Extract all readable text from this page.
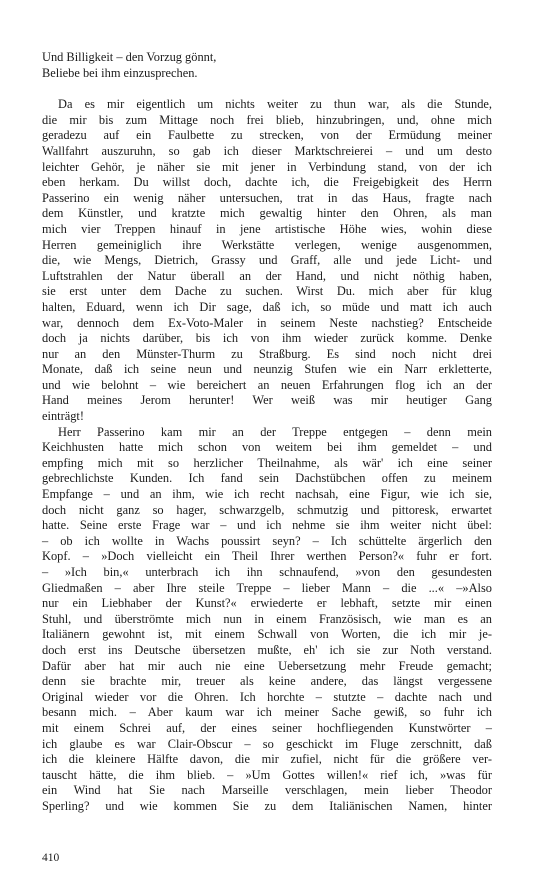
Und Billigkeit – den Vorzug gönnt,
Beliebe bei ihm einzusprechen.
Da es mir eigentlich um nichts weiter zu thun war, als die Stunde,
die mir bis zum Mittage noch frei blieb, hinzubringen, und, ohne mich
geradezu auf ein Faulbette zu strecken, von der Ermüdung meiner
Wallfahrt auszuruhn, so gab ich dieser Marktschreierei – und um desto
leichter Gehör, je näher sie mit jener in Verbindung stand, von der ich
eben herkam. Du willst doch, dachte ich, die Freigebigkeit des Herrn
Passerino ein wenig näher untersuchen, trat in das Haus, fragte nach
dem Künstler, und kratzte mich gewaltig hinter den Ohren, als man
mich vier Treppen hinauf in jene artistische Höhe wies, wohin diese
Herren gemeiniglich ihre Werkstätte verlegen, wenige ausgenommen,
die, wie Mengs, Dietrich, Grassy und Graff, alle und jede Licht- und
Luftstrahlen der Natur überall an der Hand, und nicht nöthig haben,
sie erst unter dem Dache zu suchen. Wirst Du. mich aber für klug
halten, Eduard, wenn ich Dir sage, daß ich, so müde und matt ich auch
war, dennoch dem Ex-Voto-Maler in seinem Neste nachstieg? Entscheide
doch ja nichts darüber, bis ich von ihm wieder zurück komme. Denke
nur an den Münster-Thurm zu Straßburg. Es sind noch nicht drei
Monate, daß ich seine neun und neunzig Stufen wie ein Narr erkletterte,
und wie belohnt – wie bereichert an neuen Erfahrungen flog ich an der
Hand meines Jerom herunter! Wer weiß was mir heutiger Gang
einträgt!
Herr Passerino kam mir an der Treppe entgegen – denn mein
Keichhusten hatte mich schon von weitem bei ihm gemeldet – und
empfing mich mit so herzlicher Theilnahme, als wär' ich eine seiner
gebrechlichste Kunden. Ich fand sein Dachstübchen offen zu meinem
Empfange – und an ihm, wie ich recht nachsah, eine Figur, wie ich sie,
doch nicht ganz so hager, schwarzgelb, schmutzig und pittoresk, erwartet
hatte. Seine erste Frage war – und ich nehme sie ihm weiter nicht übel:
– ob ich wollte in Wachs poussirt seyn? – Ich schüttelte ärgerlich den
Kopf. – »Doch vielleicht ein Theil Ihrer werthen Person?« fuhr er fort.
– »Ich bin,« unterbrach ich ihn schnaufend, »von den gesundesten
Gliedmaßen – aber Ihre steile Treppe – lieber Mann – die ...« –»Also
nur ein Liebhaber der Kunst?« erwiederte er lebhaft, setzte mir einen
Stuhl, und überströmte mich nun in einem Französisch, wie man es an
Italiänern gewohnt ist, mit einem Schwall von Worten, die ich mir je-
doch erst ins Deutsche übersetzen mußte, eh' ich sie zur Noth verstand.
Dafür aber hat mir auch nie eine Uebersetzung mehr Freude gemacht;
denn sie brachte mir, treuer als keine andere, das längst vergessene
Original wieder vor die Ohren. Ich horchte – stutzte – dachte nach und
besann mich. – Aber kaum war ich meiner Sache gewiß, so fuhr ich
mit einem Schrei auf, der eines seiner hochfliegenden Kunstwörter –
ich glaube es war Clair-Obscur – so geschickt im Fluge zerschnitt, daß
ich die kleinere Hälfte davon, die mir zufiel, nicht für die größere ver-
tauscht hätte, die ihm blieb. – »Um Gottes willen!« rief ich, »was für
ein Wind hat Sie nach Marseille verschlagen, mein lieber Theodor
Sperling? und wie kommen Sie zu dem Italiänischen Namen, hinter
410
